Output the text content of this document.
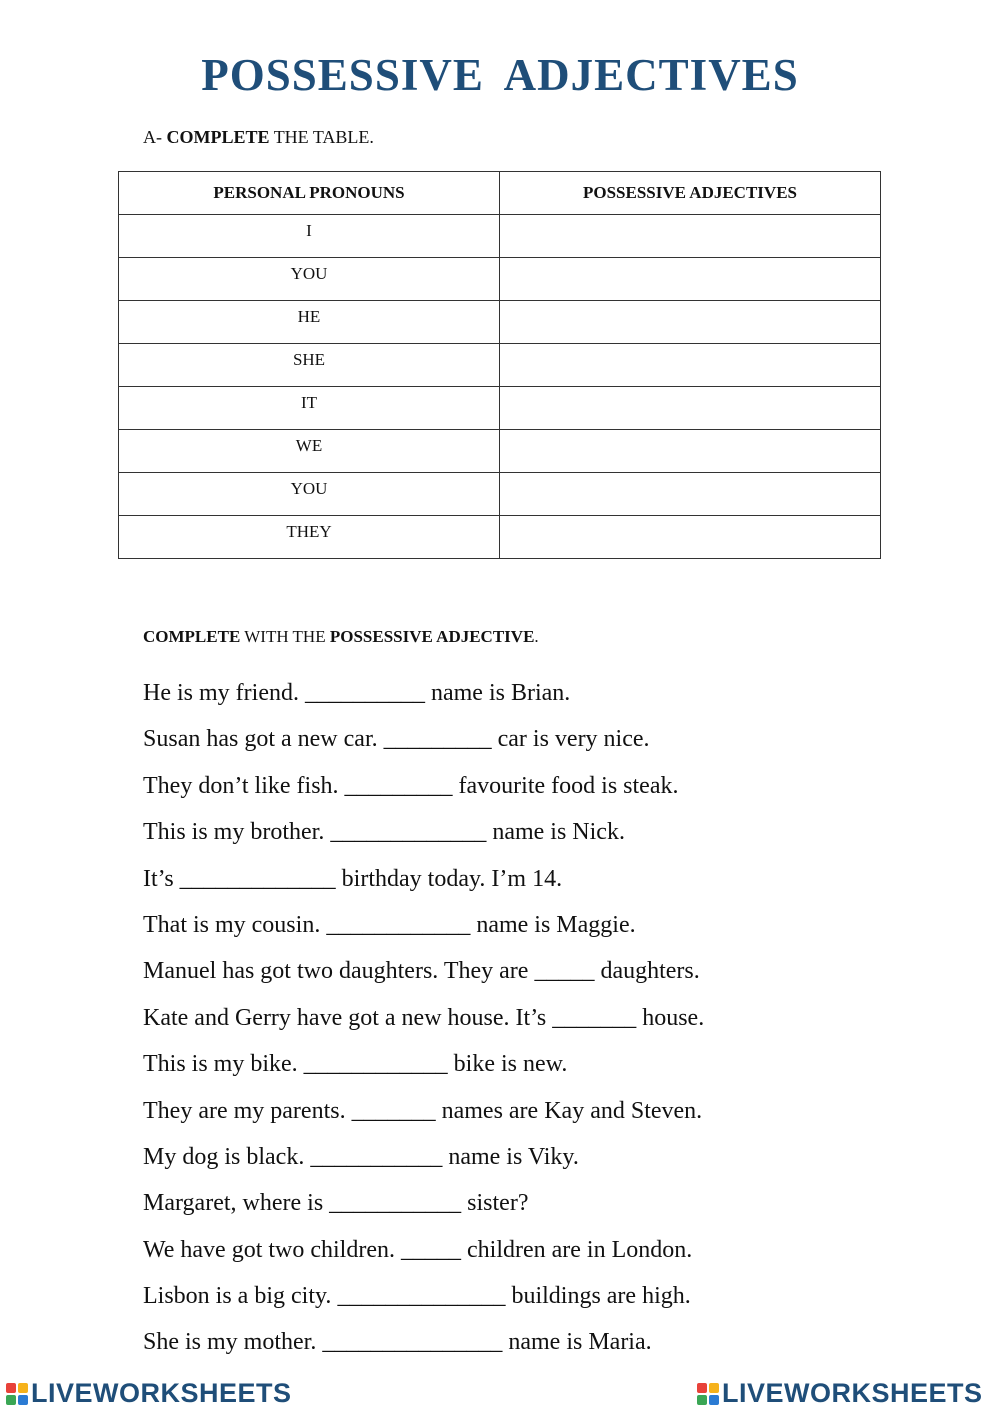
POSSESSIVE ADJECTIVES
A- COMPLETE THE TABLE.
PERSONAL PRONOUNS	POSSESSIVE ADJECTIVES
I	
YOU	
HE	
SHE	
IT	
WE	
YOU	
THEY	
COMPLETE WITH THE POSSESSIVE ADJECTIVE.
He is my friend. __________ name is Brian.
Susan has got a new car. _________ car is very nice.
They don’t like fish. _________ favourite food is steak.
This is my brother. _____________ name is Nick.
It’s _____________ birthday today. I’m 14.
That is my cousin. ____________ name is Maggie.
Manuel has got two daughters. They are _____ daughters.
Kate and Gerry have got a new house. It’s _______ house.
This is my bike. ____________ bike is new.
They are my parents. _______ names are Kay and Steven.
My dog is black. ___________ name is Viky.
Margaret, where is ___________ sister?
We have got two children. _____ children are in London.
Lisbon is a big city. ______________ buildings are high.
She is my mother. _______________ name is Maria.
LIVEWORKSHEETS	LIVEWORKSHEETS
